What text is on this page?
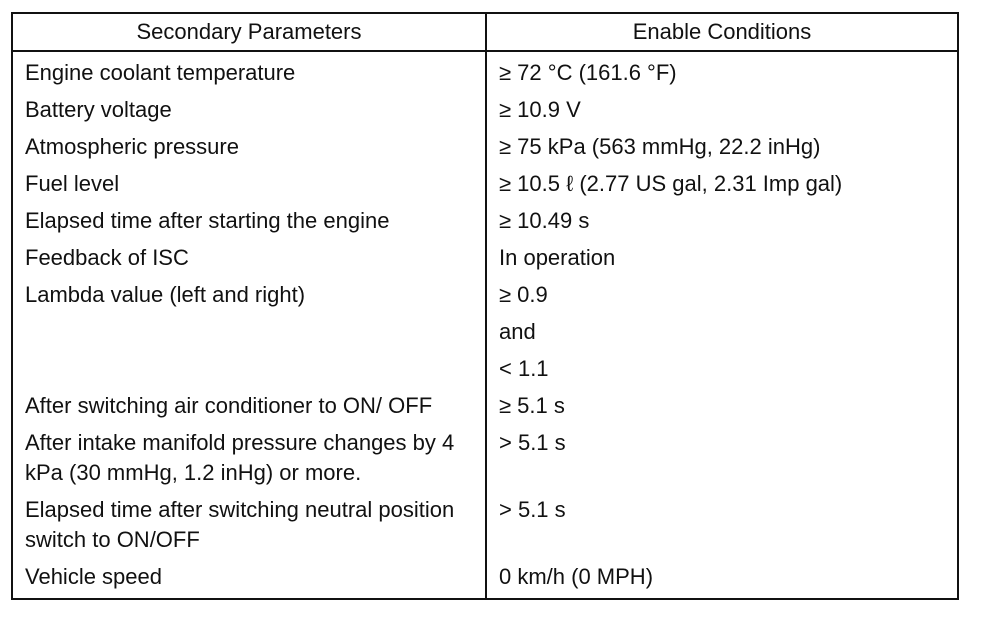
Secondary Parameters	Enable Conditions
Engine coolant temperature	≥ 72 °C (161.6 °F)
Battery voltage	≥ 10.9 V
Atmospheric pressure	≥ 75 kPa (563 mmHg, 22.2 inHg)
Fuel level	≥ 10.5 ℓ (2.77 US gal, 2.31 Imp gal)
Elapsed time after starting the engine	≥ 10.49 s
Feedback of ISC	In operation
Lambda value (left and right)	≥ 0.9
	and
	< 1.1
After switching air conditioner to ON/ OFF	≥ 5.1 s
After intake manifold pressure changes by 4 kPa (30 mmHg, 1.2 inHg) or more.	> 5.1 s
Elapsed time after switching neutral position switch to ON/OFF	> 5.1 s
Vehicle speed	0 km/h (0 MPH)
